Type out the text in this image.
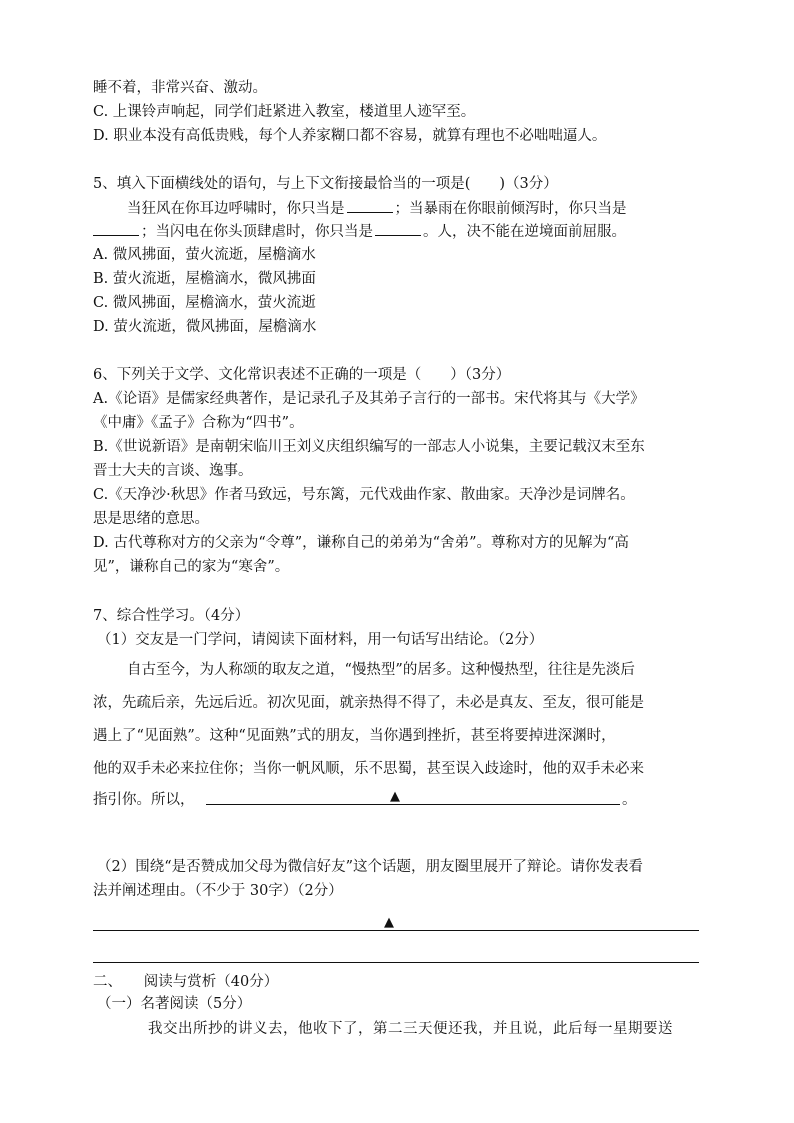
睡不着，非常兴奋、激动。
C. 上课铃声响起，同学们赶紧进入教室，楼道里人迹罕至。
D. 职业本没有高低贵贱，每个人养家糊口都不容易，就算有理也不必咄咄逼人。
5、填入下面横线处的语句，与上下文衔接最恰当的一项是(　　)（3分）
当狂风在你耳边呼啸时，你只当是	；当暴雨在你眼前倾泻时，你只当是
；当闪电在你头顶肆虐时，你只当是	。人，决不能在逆境面前屈服。
A. 微风拂面，萤火流逝，屋檐滴水
B. 萤火流逝，屋檐滴水，微风拂面
C. 微风拂面，屋檐滴水，萤火流逝
D. 萤火流逝，微风拂面，屋檐滴水
6、下列关于文学、文化常识表述不正确的一项是（　　）（3分）
A.《论语》是儒家经典著作，是记录孔子及其弟子言行的一部书。宋代将其与《大学》
《中庸》《孟子》合称为“四书”。
B.《世说新语》是南朝宋临川王刘义庆组织编写的一部志人小说集，主要记载汉末至东
晋士大夫的言谈、逸事。
C.《天净沙·秋思》作者马致远，号东篱，元代戏曲作家、散曲家。天净沙是词牌名。
思是思绪的意思。
D. 古代尊称对方的父亲为“令尊”，谦称自己的弟弟为“舍弟”。尊称对方的见解为“高
见”，谦称自己的家为“寒舍”。
7、综合性学习。（4分）
（1）交友是一门学问，请阅读下面材料，用一句话写出结论。（2分）
自古至今，为人称颂的取友之道，“慢热型”的居多。这种慢热型，往往是先淡后
浓，先疏后亲，先远后近。初次见面，就亲热得不得了，未必是真友、至友，很可能是
遇上了“见面熟”。这种“见面熟”式的朋友，当你遇到挫折，甚至将要掉进深渊时，
他的双手未必来拉住你；当你一帆风顺，乐不思蜀，甚至误入歧途时，他的双手未必来
指引你。所以，	▲	。
（2）围绕“是否赞成加父母为微信好友”这个话题，朋友圈里展开了辩论。请你发表看
法并阐述理由。（不少于 30字）（2分）
▲
二、　　阅读与赏析（40分）
（一）名著阅读（5分）
我交出所抄的讲义去，他收下了，第二三天便还我，并且说，此后每一星期要送
